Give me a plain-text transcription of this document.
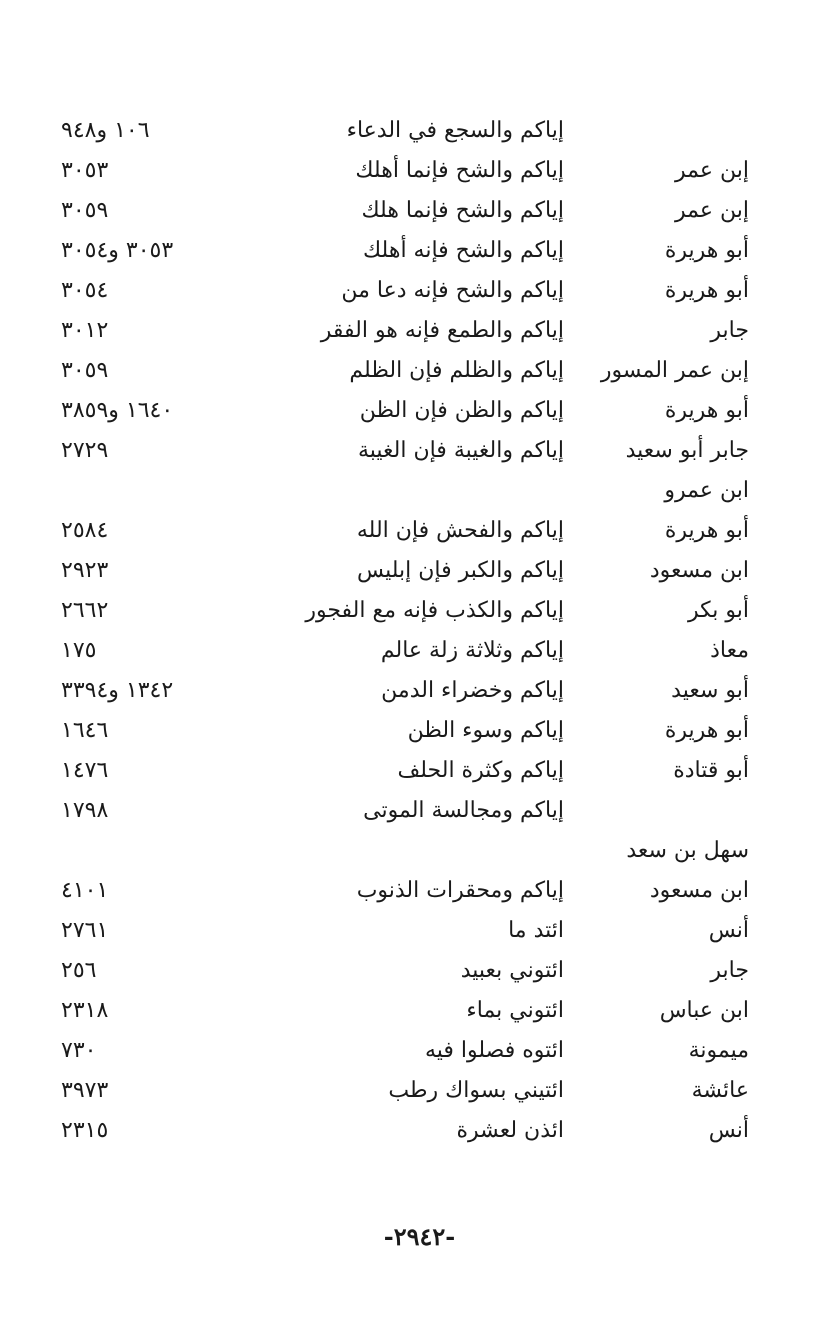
إياكم والسجع في الدعاء
١٠٦ و٩٤٨
إبن عمر
إياكم والشح فإنما أهلك
٣٠٥٣
إبن عمر
إياكم والشح فإنما هلك
٣٠٥٩
أبو هريرة
إياكم والشح فإنه أهلك
٣٠٥٣ و٣٠٥٤
أبو هريرة
إياكم والشح فإنه دعا من
٣٠٥٤
جابر
إياكم والطمع فإنه هو الفقر
٣٠١٢
إبن عمر المسور
إياكم والظلم فإن الظلم
٣٠٥٩
أبو هريرة
إياكم والظن فإن الظن
١٦٤٠ و٣٨٥٩
جابر أبو سعيد
إياكم والغيبة فإن الغيبة
٢٧٢٩
ابن عمرو
أبو هريرة
إياكم والفحش فإن الله
٢٥٨٤
ابن مسعود
إياكم والكبر فإن إبليس
٢٩٢٣
أبو بكر
إياكم والكذب فإنه مع الفجور
٢٦٦٢
معاذ
إياكم وثلاثة زلة عالم
١٧٥
أبو سعيد
إياكم وخضراء الدمن
١٣٤٢ و٣٣٩٤
أبو هريرة
إياكم وسوء الظن
١٦٤٦
أبو قتادة
إياكم وكثرة الحلف
١٤٧٦
إياكم ومجالسة الموتى
١٧٩٨
سهل بن سعد
ابن مسعود
إياكم ومحقرات الذنوب
٤١٠١
أنس
ائتد ما
٢٧٦١
جابر
ائتوني بعبيد
٢٥٦
ابن عباس
ائتوني بماء
٢٣١٨
ميمونة
ائتوه فصلوا فيه
٧٣٠
عائشة
ائتيني بسواك رطب
٣٩٧٣
أنس
ائذن لعشرة
٢٣١٥
-٢٩٤٢-
